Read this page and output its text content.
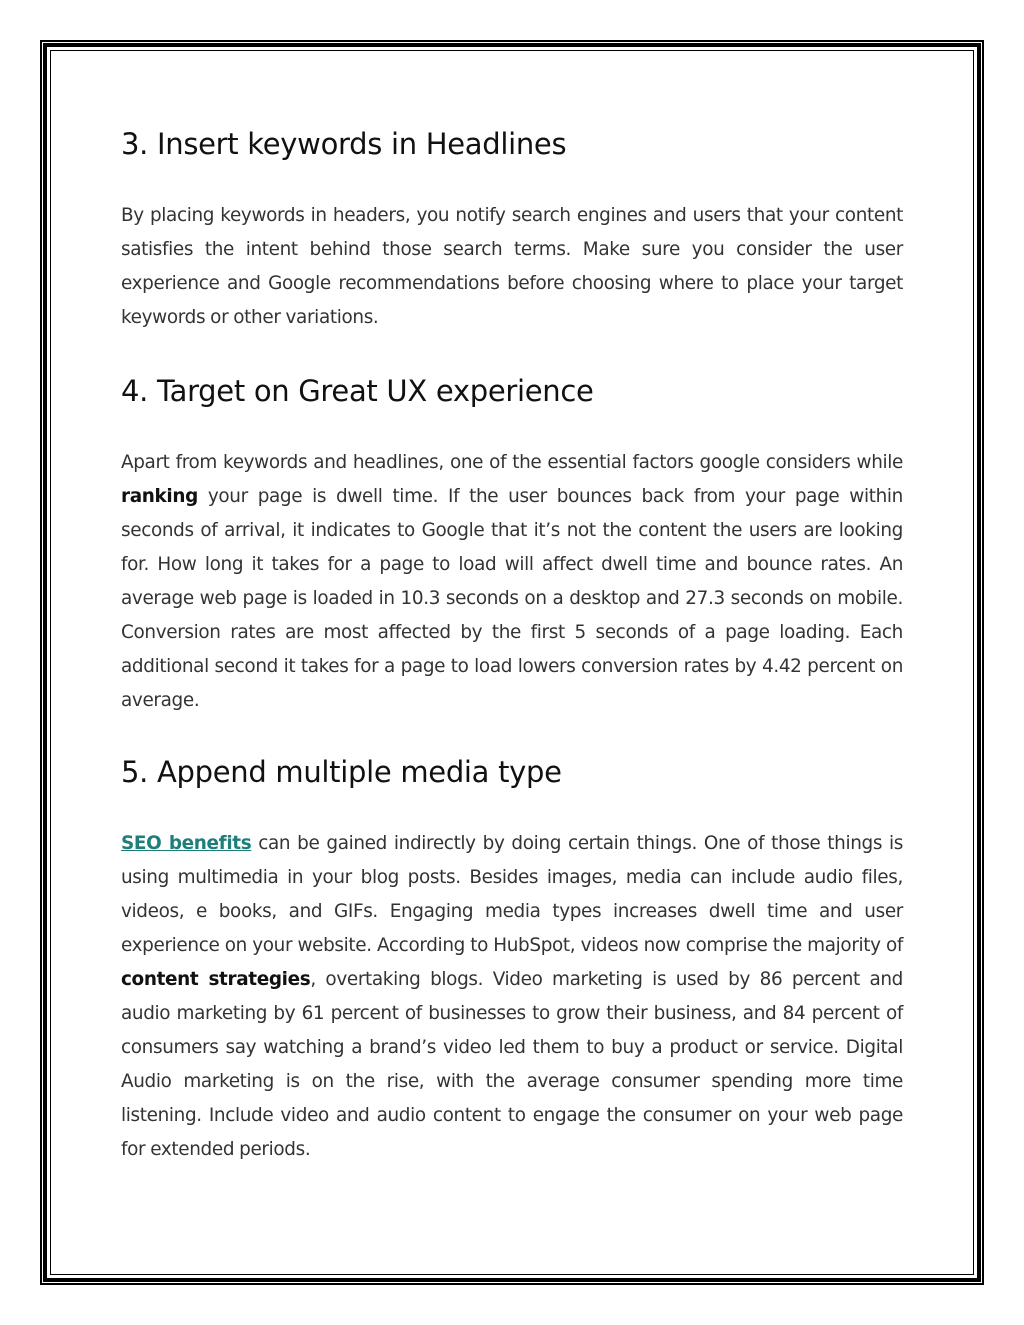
3. Insert keywords in Headlines

By placing keywords in headers, you notify search engines and users that your content satisfies the intent behind those search terms. Make sure you consider the user experience and Google recommendations before choosing where to place your target keywords or other variations.

4. Target on Great UX experience

Apart from keywords and headlines, one of the essential factors google considers while ranking your page is dwell time. If the user bounces back from your page within seconds of arrival, it indicates to Google that it’s not the content the users are looking for. How long it takes for a page to load will affect dwell time and bounce rates. An average web page is loaded in 10.3 seconds on a desktop and 27.3 seconds on mobile. Conversion rates are most affected by the first 5 seconds of a page loading. Each additional second it takes for a page to load lowers conversion rates by 4.42 percent on average.

5. Append multiple media type

SEO benefits can be gained indirectly by doing certain things. One of those things is using multimedia in your blog posts. Besides images, media can include audio files, videos, e books, and GIFs. Engaging media types increases dwell time and user experience on your website. According to HubSpot, videos now comprise the majority of content strategies, overtaking blogs. Video marketing is used by 86 percent and audio marketing by 61 percent of businesses to grow their business, and 84 percent of consumers say watching a brand’s video led them to buy a product or service. Digital Audio marketing is on the rise, with the average consumer spending more time listening. Include video and audio content to engage the consumer on your web page for extended periods.
